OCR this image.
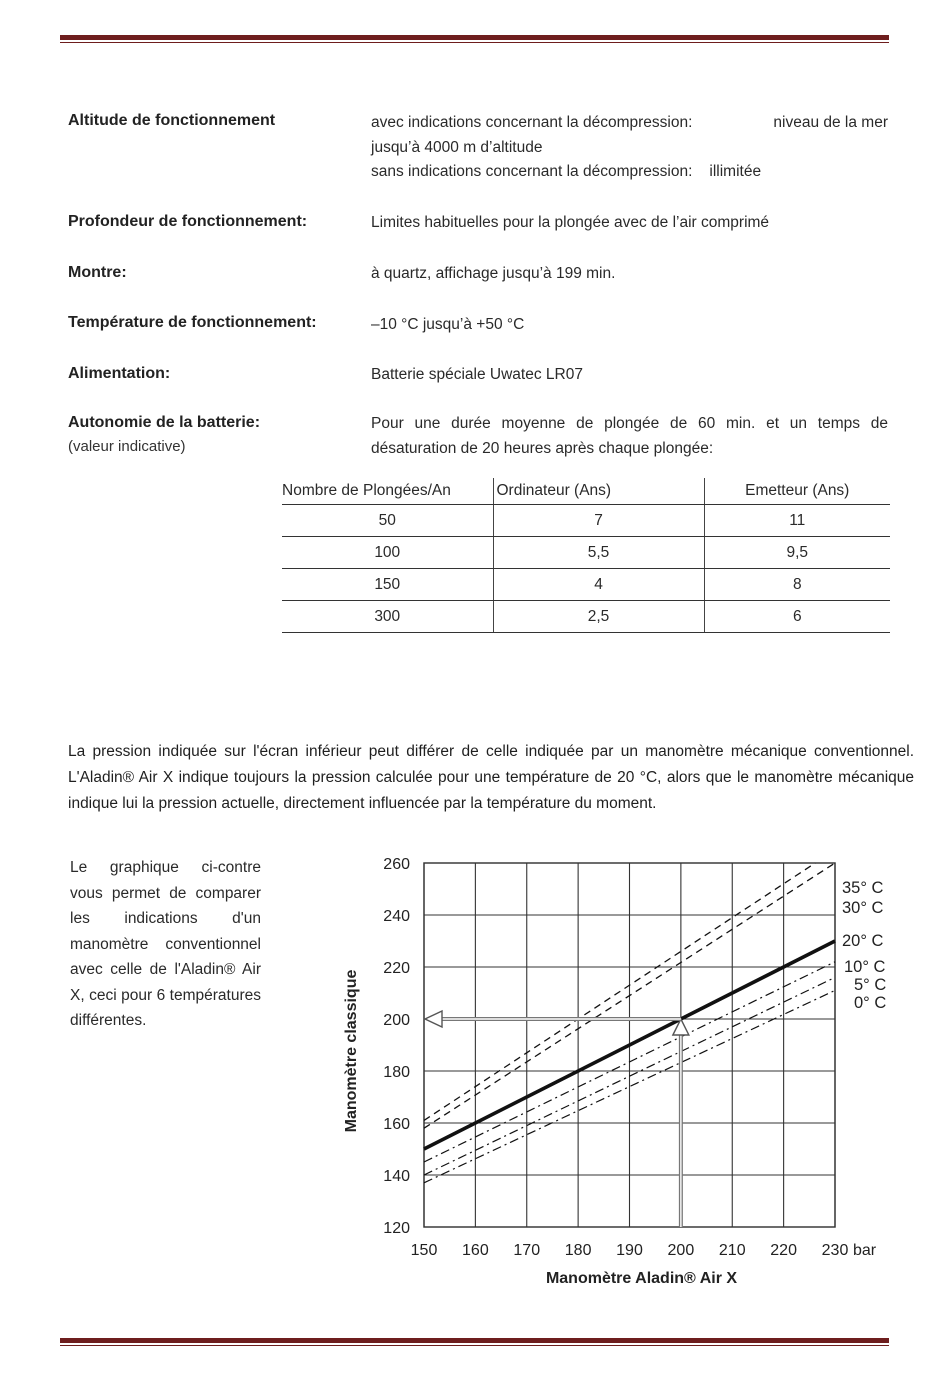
Altitude de fonctionnement	avec indications concernant la décompression:	niveau de la mer
jusqu’à 4000 m d’altitude
sans indications concernant la décompression: illimitée
Profondeur de fonctionnement:	Limites habituelles pour la plongée avec de l’air comprimé
Montre:	à quartz, affichage jusqu’à 199 min.
Température de fonctionnement:	–10 °C jusqu’à +50 °C
Alimentation:	Batterie spéciale Uwatec LR07
Autonomie de la batterie:
(valeur indicative)
Pour une durée moyenne de plongée de 60 min. et un temps de désaturation de 20 heures après chaque plongée:
Nombre de Plongées/An	Ordinateur (Ans)	Emetteur (Ans)
50	7	11
100	5,5	9,5
150	4	8
300	2,5	6
La pression indiquée sur l'écran inférieur peut différer de celle indiquée par un manomètre mécanique conventionnel. L'Aladin® Air X indique toujours la pression calculée pour une température de 20 °C, alors que le manomètre mécanique indique lui la pression actuelle, directement influencée par la température du moment.
Le graphique ci-contre vous permet de comparer les indications d'un manomètre conventionnel avec celle de l'Aladin® Air X, ceci pour 6 températures différentes.
150 160 170 180 190 200 210 220 230 bar
120
140
160
180
200
220
240
260
35° C
30° C
20° C
10° C
5° C
0° C
Manomètre Aladin® Air X
Manomètre classique
